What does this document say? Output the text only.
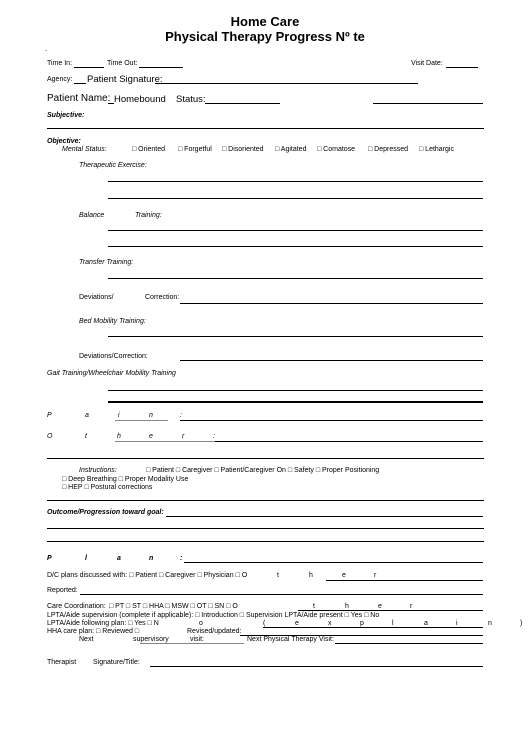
Home Care
Physical Therapy Progress Nº te
.
Time In:	Time Out:	Visit Date:
Agency: Patient Signature:
Patient Name: Homebound Status:
Subjective:
Objective:
Mental Status:	□ Oriented □ Forgetful □ Disoriented □ Agitated □ Comatose □ Depressed □ Lethargic
Therapeutic Exercise:
Balance	Training:
Transfer Training:
Deviations/	Correction:
Bed Mobility Training:
Deviations/Correction:
Gait Training/Wheelchair Mobility Training
P	a	i	n	:
O	t	h	e	r	:
Instructions:	□ Patient □ Caregiver □ Patient/Caregiver On □ Safety □ Proper Positioning
□ Deep Breathing □ Proper Modality Use
□ HEP □ Postural corrections
Outcome/Progression toward goal:
P	l	a	n	:
D/C plans discussed with: □ Patient □ Caregiver □ Physician □ O	t	h	e	r
Reported:
Care Coordination: □ PT □ ST □ HHA □ MSW □ OT □ SN □ O	t	h	e	r
LPTA/Aide supervision (complete if applicable): □ Introduction □ Supervision LPTA/Aide present □ Yes □ No
LPTA/Aide following plan: □ Yes □ N	o	(	e	x	p	l	a	i	n	)
HHA care plan: □ Reviewed □	Revised/updated:
Next	supervisory	visit:	Next Physical Therapy Visit:
Therapist Signature/Title:
